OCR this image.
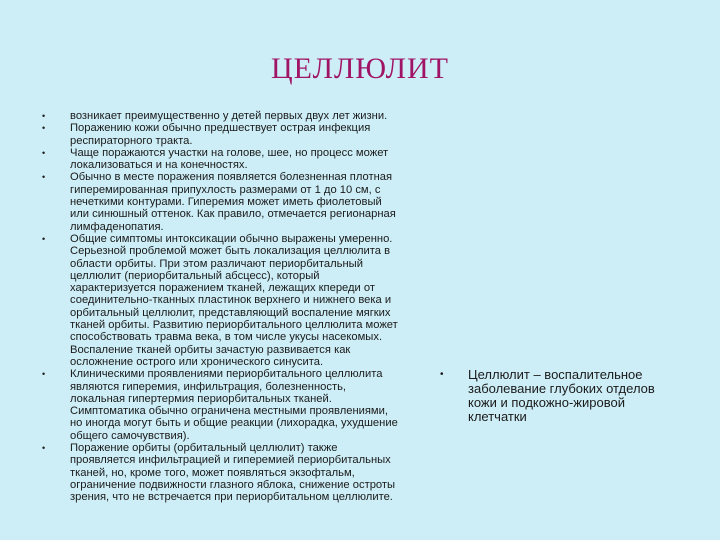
ЦЕЛЛЮЛИТ
• возникает преимущественно у детей первых двух лет жизни.
• Поражению кожи обычно предшествует острая инфекция респираторного тракта.
• Чаще поражаются участки на голове, шее, но процесс может локализоваться и на конечностях.
• Обычно в месте поражения появляется болезненная плотная гиперемированная припухлость размерами от 1 до 10 см, с нечеткими контурами. Гиперемия может иметь фиолетовый или синюшный оттенок. Как правило, отмечается регионарная лимфаденопатия.
• Общие симптомы интоксикации обычно выражены умеренно.
Серьезной проблемой может быть локализация целлюлита в области орбиты. При этом различают периорбитальный целлюлит (периорбитальный абсцесс), который характеризуется поражением тканей, лежащих кпереди от соединительно-тканных пластинок верхнего и нижнего века и орбитальный целлюлит, представляющий воспаление мягких тканей орбиты. Развитию периорбитального целлюлита может способствовать травма века, в том числе укусы насекомых. Воспаление тканей орбиты зачастую развивается как осложнение острого или хронического синусита.
• Клиническими проявлениями периорбитального целлюлита являются гиперемия, инфильтрация, болезненность, локальная гипертермия периорбитальных тканей. Симптоматика обычно ограничена местными проявлениями, но иногда могут быть и общие реакции (лихорадка, ухудшение общего самочувствия).
• Поражение орбиты (орбитальный целлюлит) также проявляется инфильтрацией и гиперемией периорбитальных тканей, но, кроме того, может появляться экзофтальм, ограничение подвижности глазного яблока, снижение остроты зрения, что не встречается при периорбитальном целлюлите.
• Целлюлит – воспалительное заболевание глубоких отделов кожи и подкожно-жировой клетчатки
